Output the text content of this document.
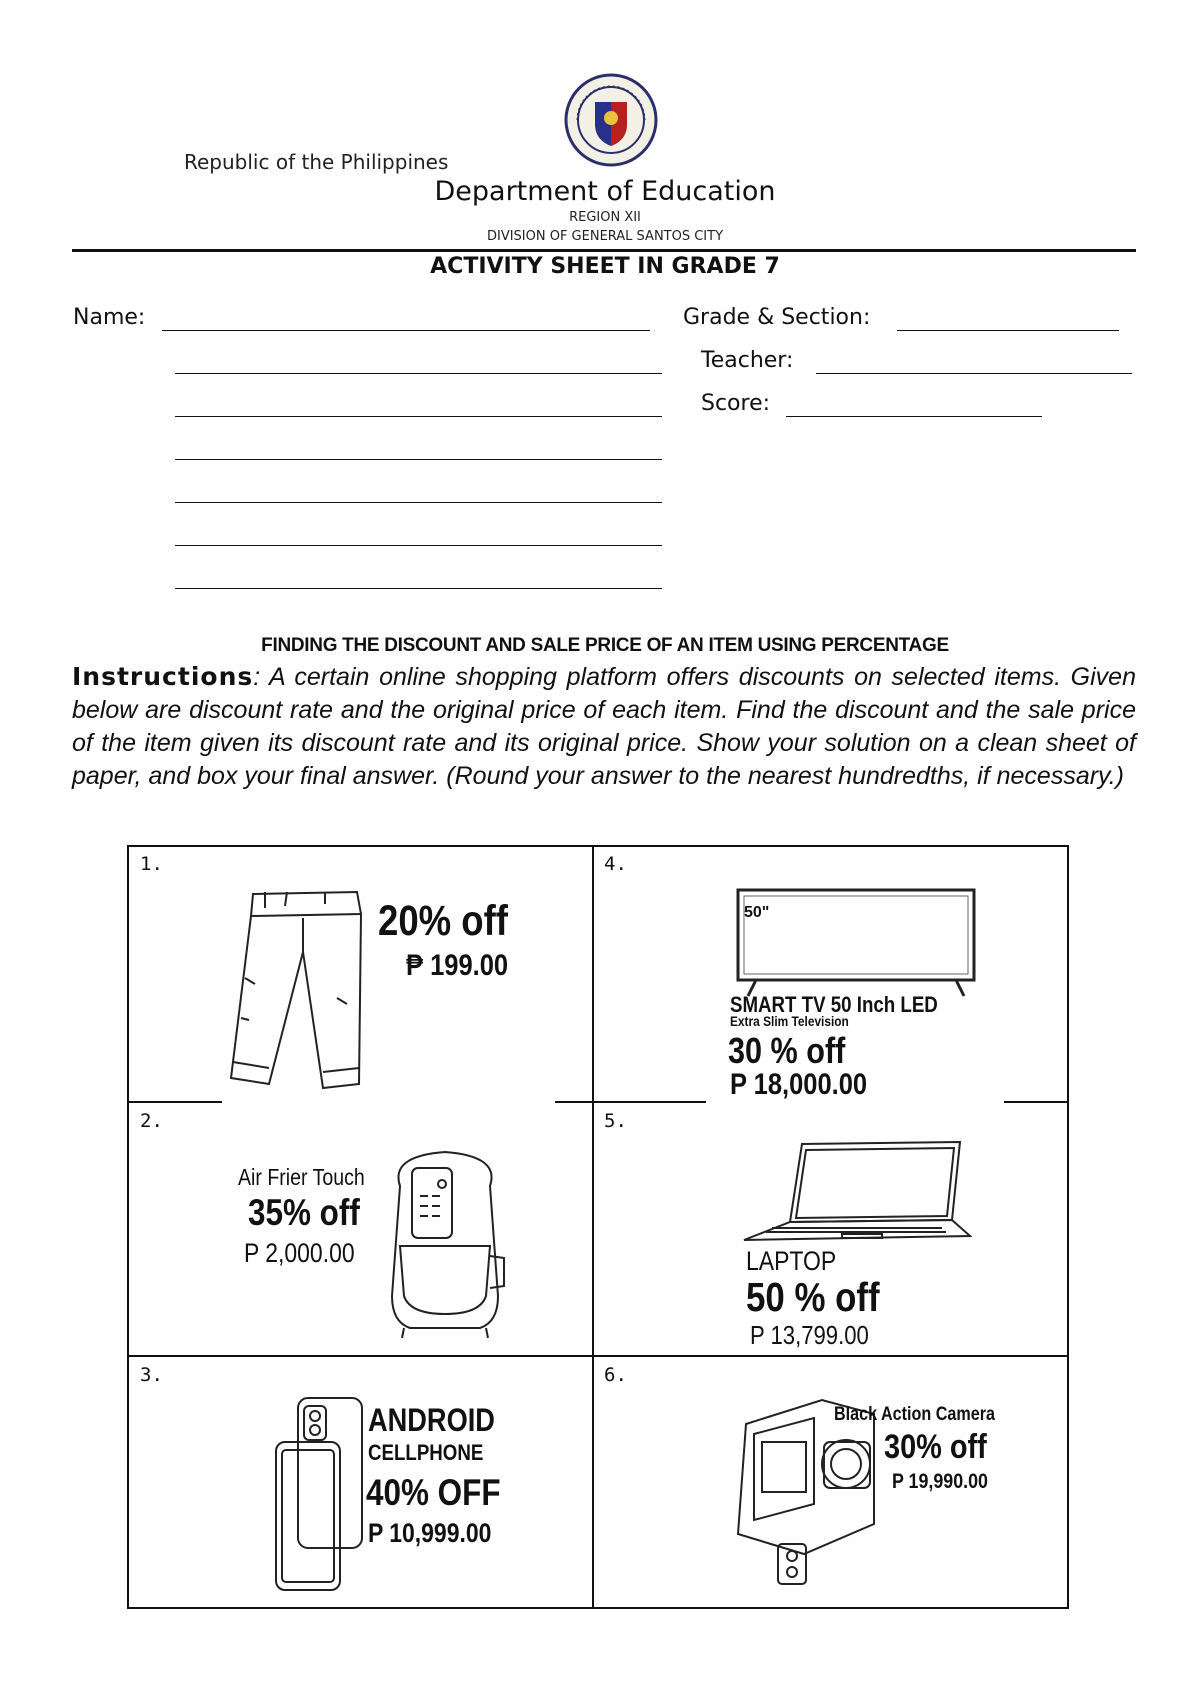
Republic of the Philippines
Department of Education
REGION XII
DIVISION OF GENERAL SANTOS CITY
ACTIVITY SHEET IN GRADE 7
Name:	Grade & Section:
Teacher:
Score:
FINDING THE DISCOUNT AND SALE PRICE OF AN ITEM USING PERCENTAGE
Instructions: A certain online shopping platform offers discounts on selected items. Given below are discount rate and the original price of each item. Find the discount and the sale price of the item given its discount rate and its original price. Show your solution on a clean sheet of paper, and box your final answer. (Round your answer to the nearest hundredths, if necessary.)
1.
20% off
₱ 199.00
4.
50"
SMART TV 50 Inch LED
Extra Slim Television
30 % off
P 18,000.00
2.
Air Frier Touch
35% off
P 2,000.00
5.
LAPTOP
50 % off
P 13,799.00
3.
ANDROID
CELLPHONE
40% OFF
P 10,999.00
6.
Black Action Camera
30% off
P 19,990.00
